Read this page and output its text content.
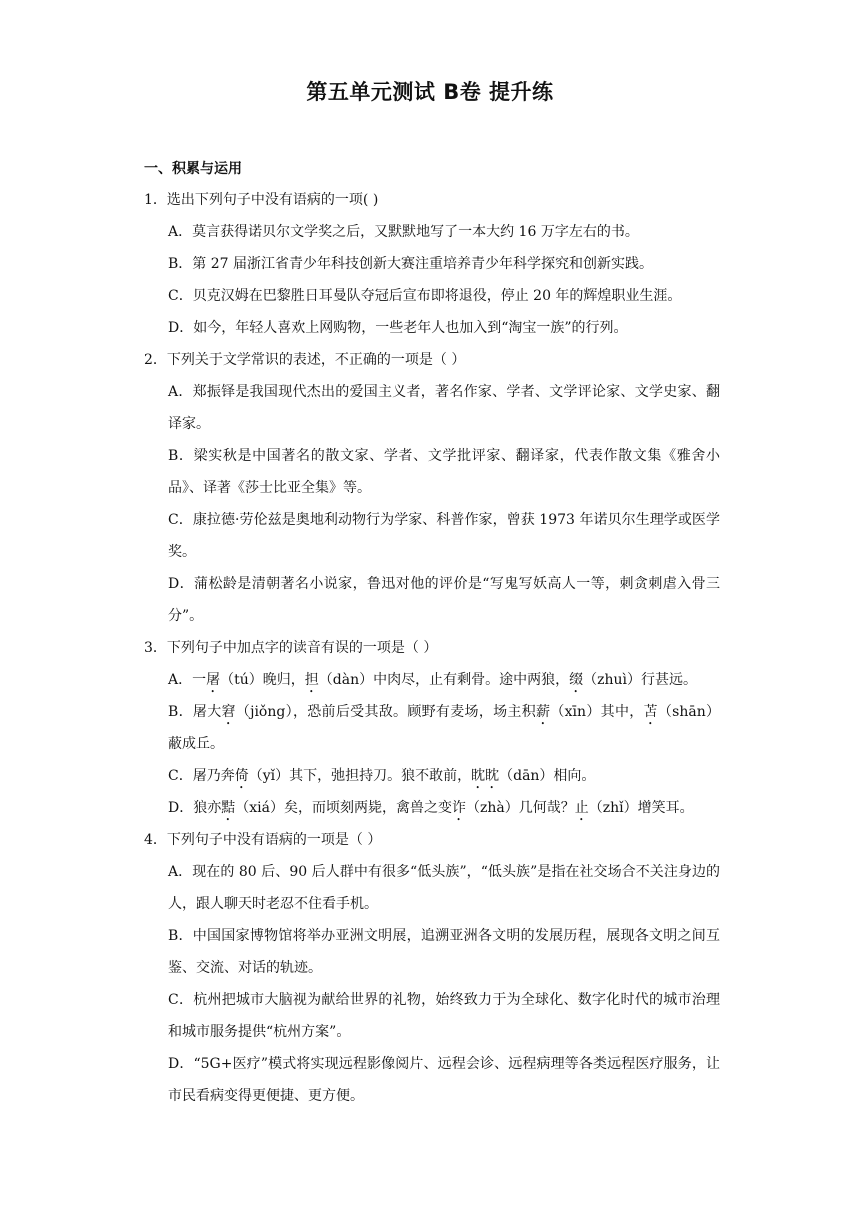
第五单元测试 B卷 提升练
一、积累与运用
1．选出下列句子中没有语病的一项( )
A．莫言获得诺贝尔文学奖之后，又默默地写了一本大约 16 万字左右的书。
B．第 27 届浙江省青少年科技创新大赛注重培养青少年科学探究和创新实践。
C．贝克汉姆在巴黎胜日耳曼队夺冠后宣布即将退役，停止 20 年的辉煌职业生涯。
D．如今，年轻人喜欢上网购物，一些老年人也加入到“淘宝一族”的行列。
2．下列关于文学常识的表述，不正确的一项是（ ）
A．郑振铎是我国现代杰出的爱国主义者，著名作家、学者、文学评论家、文学史家、翻译家。
B．梁实秋是中国著名的散文家、学者、文学批评家、翻译家，代表作散文集《雅舍小品》、译著《莎士比亚全集》等。
C．康拉德·劳伦兹是奥地利动物行为学家、科普作家，曾获 1973 年诺贝尔生理学或医学奖。
D．蒲松龄是清朝著名小说家，鲁迅对他的评价是“写鬼写妖高人一等，刺贪刺虐入骨三分”。
3．下列句子中加点字的读音有误的一项是（ ）
A．一屠（tú）晚归，担（dàn）中肉尽，止有剩骨。途中两狼，缀（zhuì）行甚远。
B．屠大窘（jiǒng），恐前后受其敌。顾野有麦场，场主积薪（xīn）其中，苫（shān）蔽成丘。
C．屠乃奔倚（yǐ）其下，弛担持刀。狼不敢前，眈眈（dān）相向。
D．狼亦黠（xiá）矣，而顷刻两毙，禽兽之变诈（zhà）几何哉？止（zhǐ）增笑耳。
4．下列句子中没有语病的一项是（ ）
A．现在的 80 后、90 后人群中有很多“低头族”，“低头族”是指在社交场合不关注身边的人，跟人聊天时老忍不住看手机。
B．中国国家博物馆将举办亚洲文明展，追溯亚洲各文明的发展历程，展现各文明之间互鉴、交流、对话的轨迹。
C．杭州把城市大脑视为献给世界的礼物，始终致力于为全球化、数字化时代的城市治理和城市服务提供“杭州方案”。
D．“5G+医疗”模式将实现远程影像阅片、远程会诊、远程病理等各类远程医疗服务，让市民看病变得更便捷、更方便。
